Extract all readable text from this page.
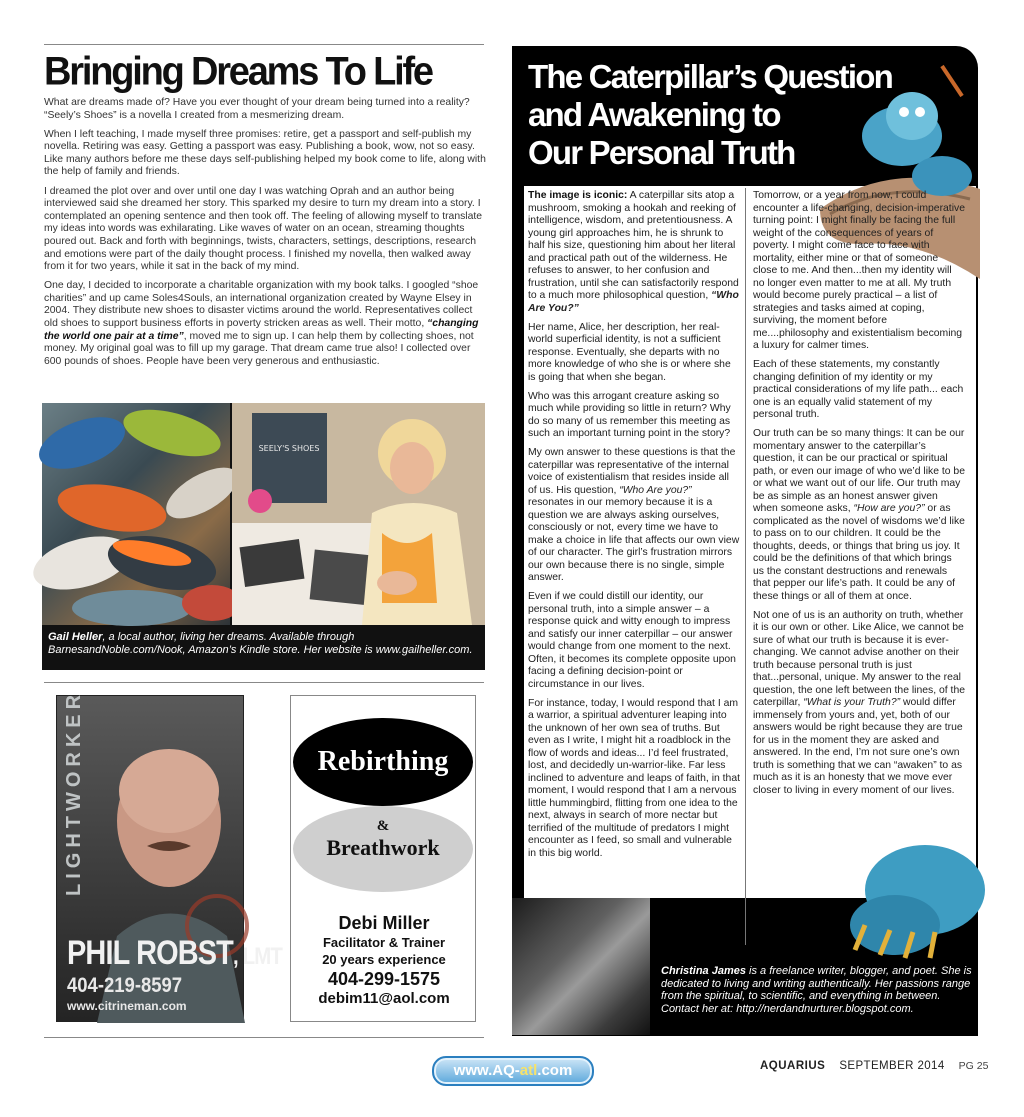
Bringing Dreams To Life

What are dreams made of? Have you ever thought of your dream being turned into a reality? “Seely’s Shoes” is a novella I created from a mesmerizing dream.

When I left teaching, I made myself three promises: retire, get a passport and self-publish my novella. Retiring was easy. Getting a passport was easy. Publishing a book, wow, not so easy. Like many authors before me these days self-publishing helped my book come to life, along with the help of family and friends.

I dreamed the plot over and over until one day I was watching Oprah and an author being interviewed said she dreamed her story. This sparked my desire to turn my dream into a story. I contemplated an opening sentence and then took off. The feeling of allowing myself to translate my ideas into words was exhilarating. Like waves of water on an ocean, streaming thoughts poured out. Back and forth with beginnings, twists, characters, settings, descriptions, research and emotions were part of the daily thought process. I finished my novella, then walked away from it for two years, while it sat in the back of my mind.

One day, I decided to incorporate a charitable organization with my book talks. I googled “shoe charities” and up came Soles4Souls, an international organization created by Wayne Elsey in 2004. They distribute new shoes to disaster victims around the world. Representatives collect old shoes to support business efforts in poverty stricken areas as well. Their motto, “changing the world one pair at a time”, moved me to sign up. I can help them by collecting shoes, not money. My original goal was to fill up my garage. That dream came true also! I collected over 600 pounds of shoes. People have been very generous and enthusiastic.

SEELY'S SHOES
Gail Heller, a local author, living her dreams. Available through BarnesandNoble.com/Nook, Amazon’s Kindle store. Her website is www.gailheller.com.
LIGHTWORKER
PHIL ROBST, LMT
404-219-8597
www.citrineman.com
Rebirthing
&
Breathwork
Debi Miller
Facilitator & Trainer
20 years experience
404-299-1575
debim11@aol.com
The Caterpillar’s Question
and Awakening to
Our Personal Truth

The image is iconic: A caterpillar sits atop a mushroom, smoking a hookah and reeking of intelligence, wisdom, and pretentiousness. A young girl approaches him, he is shrunk to half his size, questioning him about her literal and practical path out of the wilderness. He refuses to answer, to her confusion and frustration, until she can satisfactorily respond to a much more philosophical question, “Who Are You?”

Her name, Alice, her description, her real-world superficial identity, is not a sufficient response. Eventually, she departs with no more knowledge of who she is or where she is going that when she began.

Who was this arrogant creature asking so much while providing so little in return? Why do so many of us remember this meeting as such an important turning point in the story?

My own answer to these questions is that the caterpillar was representative of the internal voice of existentialism that resides inside all of us. His question, “Who Are you?” resonates in our memory because it is a question we are always asking ourselves, consciously or not, every time we have to make a choice in life that affects our own view of our character. The girl’s frustration mirrors our own because there is no single, simple answer.

Even if we could distill our identity, our personal truth, into a simple answer – a response quick and witty enough to impress and satisfy our inner caterpillar – our answer would change from one moment to the next. Often, it becomes its complete opposite upon facing a defining decision-point or circumstance in our lives.

For instance, today, I would respond that I am a warrior, a spiritual adventurer leaping into the unknown of her own sea of truths. But even as I write, I might hit a roadblock in the flow of words and ideas... I’d feel frustrated, lost, and decidedly un-warrior-like. Far less inclined to adventure and leaps of faith, in that moment, I would respond that I am a nervous little hummingbird, flitting from one idea to the next, always in search of more nectar but terrified of the multitude of predators I might encounter as I feed, so small and vulnerable in this big world.

Tomorrow, or a year from now, I could encounter a life-changing, decision-imperative turning point: I might finally be facing the full weight of the consequences of years of poverty. I might come face to face with mortality, either mine or that of someone close to me. And then...then my identity will no longer even matter to me at all. My truth would become purely practical – a list of strategies and tasks aimed at coping, surviving, the moment before me....philosophy and existentialism becoming a luxury for calmer times.

Each of these statements, my constantly changing definition of my identity or my practical considerations of my life path... each one is an equally valid statement of my personal truth.

Our truth can be so many things: It can be our momentary answer to the caterpillar’s question, it can be our practical or spiritual path, or even our image of who we’d like to be or what we want out of our life. Our truth may be as simple as an honest answer given when someone asks, “How are you?” or as complicated as the novel of wisdoms we’d like to pass on to our children. It could be the thoughts, deeds, or things that bring us joy. It could be the definitions of that which brings us the constant destructions and renewals that pepper our life’s path. It could be any of these things or all of them at once.

Not one of us is an authority on truth, whether it is our own or other. Like Alice, we cannot be sure of what our truth is because it is ever-changing. We cannot advise another on their truth because personal truth is just that...personal, unique. My answer to the real question, the one left between the lines, of the caterpillar, “What is your Truth?” would differ immensely from yours and, yet, both of our answers would be right because they are true for us in the moment they are asked and answered. In the end, I’m not sure one’s own truth is something that we can “awaken” to as much as it is an honesty that we move ever closer to living in every moment of our lives.

Christina James is a freelance writer, blogger, and poet. She is dedicated to living and writing authentically. Her passions range from the spiritual, to scientific, and everything in between. Contact her at: http://nerdandnurturer.blogspot.com.
www.AQ-atl.com	AQUARIUS SEPTEMBER 2014 PG 25
